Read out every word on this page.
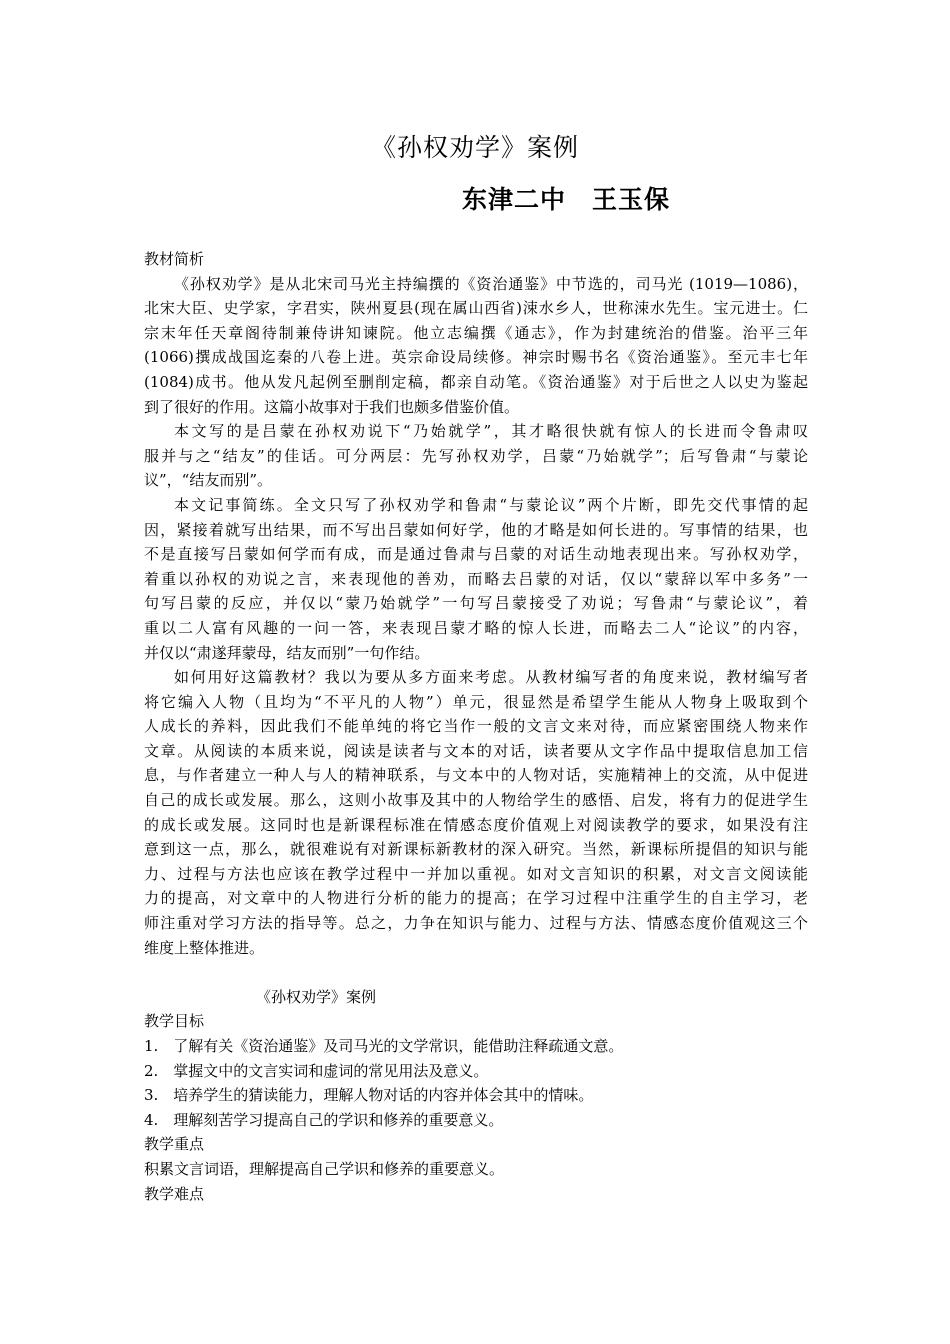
《孙权劝学》案例
东津二中　王玉保
教材简析
《孙权劝学》是从北宋司马光主持编撰的《资治通鉴》中节选的，司马光 (1019—1086)，
北宋大臣、史学家，字君实，陕州夏县(现在属山西省)涑水乡人，世称涑水先生。宝元进士。仁
宗末年任天章阁待制兼侍讲知谏院。他立志编撰《通志》，作为封建统治的借鉴。治平三年
(1066)撰成战国迄秦的八卷上进。英宗命设局续修。神宗时赐书名《资治通鉴》。至元丰七年
(1084)成书。他从发凡起例至删削定稿，都亲自动笔。《资治通鉴》对于后世之人以史为鉴起
到了很好的作用。这篇小故事对于我们也颇多借鉴价值。
本文写的是吕蒙在孙权劝说下“乃始就学”，其才略很快就有惊人的长进而令鲁肃叹
服并与之“结友”的佳话。可分两层：先写孙权劝学，吕蒙“乃始就学”；后写鲁肃“与蒙论
议”，“结友而别”。
本文记事简练。全文只写了孙权劝学和鲁肃“与蒙论议”两个片断，即先交代事情的起
因，紧接着就写出结果，而不写出吕蒙如何好学，他的才略是如何长进的。写事情的结果，也
不是直接写吕蒙如何学而有成，而是通过鲁肃与吕蒙的对话生动地表现出来。写孙权劝学，
着重以孙权的劝说之言，来表现他的善劝，而略去吕蒙的对话，仅以“蒙辞以军中多务”一
句写吕蒙的反应，并仅以“蒙乃始就学”一句写吕蒙接受了劝说；写鲁肃“与蒙论议”，着
重以二人富有风趣的一问一答，来表现吕蒙才略的惊人长进，而略去二人“论议”的内容，
并仅以“肃遂拜蒙母，结友而别”一句作结。
如何用好这篇教材？我以为要从多方面来考虑。从教材编写者的角度来说，教材编写者
将它编入人物（且均为“不平凡的人物”）单元，很显然是希望学生能从人物身上吸取到个
人成长的养料，因此我们不能单纯的将它当作一般的文言文来对待，而应紧密围绕人物来作
文章。从阅读的本质来说，阅读是读者与文本的对话，读者要从文字作品中提取信息加工信
息，与作者建立一种人与人的精神联系，与文本中的人物对话，实施精神上的交流，从中促进
自己的成长或发展。那么，这则小故事及其中的人物给学生的感悟、启发，将有力的促进学生
的成长或发展。这同时也是新课程标准在情感态度价值观上对阅读教学的要求，如果没有注
意到这一点，那么，就很难说有对新课标新教材的深入研究。当然，新课标所提倡的知识与能
力、过程与方法也应该在教学过程中一并加以重视。如对文言知识的积累，对文言文阅读能
力的提高，对文章中的人物进行分析的能力的提高；在学习过程中注重学生的自主学习，老
师注重对学习方法的指导等。总之，力争在知识与能力、过程与方法、情感态度价值观这三个
维度上整体推进。
《孙权劝学》案例
教学目标
1.　了解有关《资治通鉴》及司马光的文学常识，能借助注释疏通文意。
2.　掌握文中的文言实词和虚词的常见用法及意义。
3.　培养学生的猜读能力，理解人物对话的内容并体会其中的情味。
4.　理解刻苦学习提高自己的学识和修养的重要意义。
教学重点
积累文言词语，理解提高自己学识和修养的重要意义。
教学难点
